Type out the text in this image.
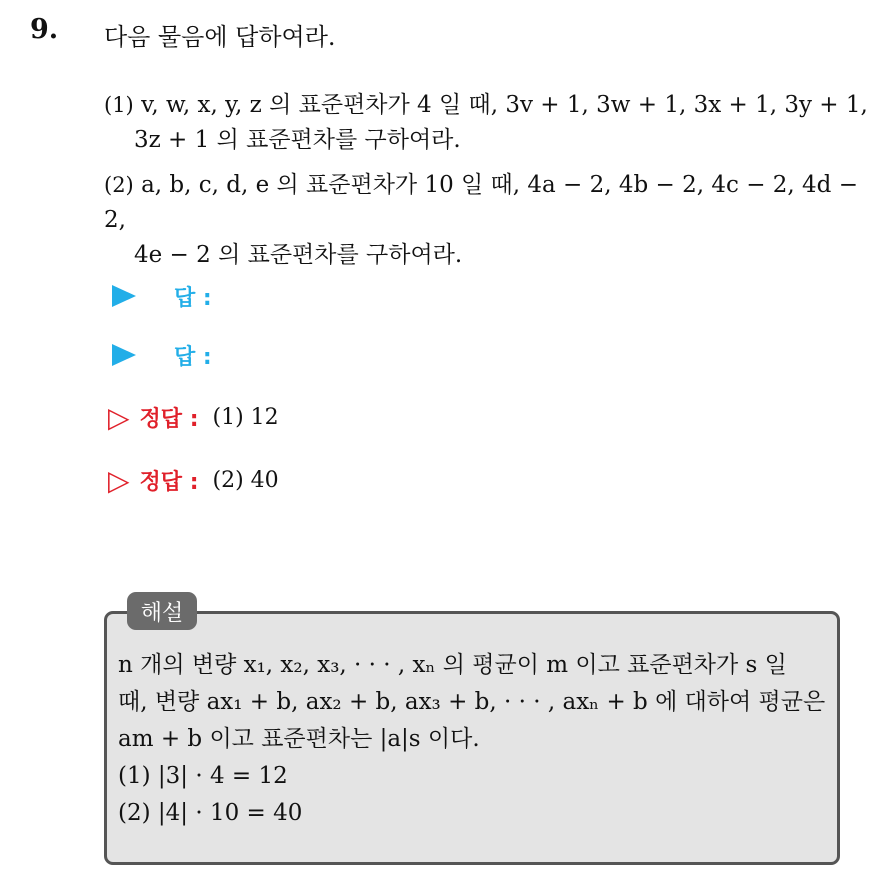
9. 다음 물음에 답하여라.
(1) v, w, x, y, z 의 표준편차가 4 일 때, 3v + 1, 3w + 1, 3x + 1, 3y + 1,
3z + 1 의 표준편차를 구하여라.
(2) a, b, c, d, e 의 표준편차가 10 일 때, 4a − 2, 4b − 2, 4c − 2, 4d − 2,
4e − 2 의 표준편차를 구하여라.
답 :
답 :
▷ 정답 : (1) 12
▷ 정답 : (2) 40
해설
n 개의 변량 x₁, x₂, x₃, · · · , xₙ 의 평균이 m 이고 표준편차가 s 일
때, 변량 ax₁ + b, ax₂ + b, ax₃ + b, · · · , axₙ + b 에 대하여 평균은
am + b 이고 표준편차는 |a|s 이다.
(1) |3| · 4 = 12
(2) |4| · 10 = 40
